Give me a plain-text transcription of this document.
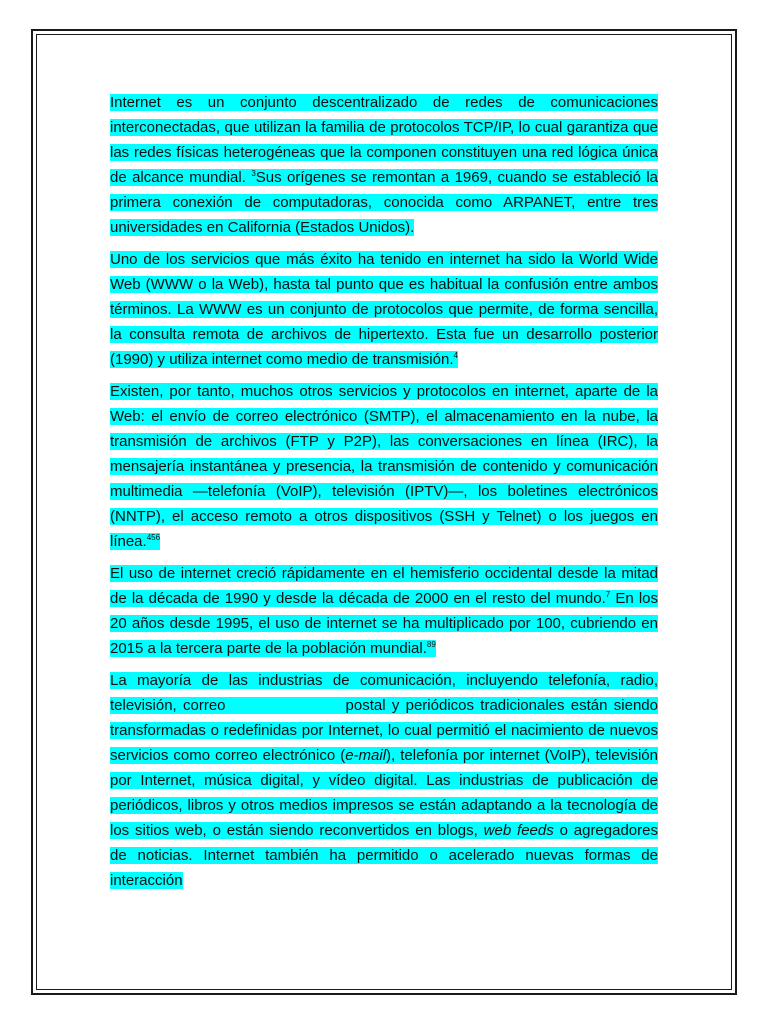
Internet es un conjunto descentralizado de redes de comunicaciones interconectadas, que utilizan la familia de protocolos TCP/IP, lo cual garantiza que las redes físicas heterogéneas que la componen constituyen una red lógica única de alcance mundial. $^3$Sus orígenes se remontan a 1969, cuando se estableció la primera conexión de computadoras, conocida como ARPANET, entre tres universidades en California (Estados Unidos).

Uno de los servicios que más éxito ha tenido en internet ha sido la World Wide Web (WWW o la Web), hasta tal punto que es habitual la confusión entre ambos términos. La WWW es un conjunto de protocolos que permite, de forma sencilla, la consulta remota de archivos de hipertexto. Esta fue un desarrollo posterior (1990) y utiliza internet como medio de transmisión.$^4$

Existen, por tanto, muchos otros servicios y protocolos en internet, aparte de la Web: el envío de correo electrónico (SMTP), el almacenamiento en la nube, la transmisión de archivos (FTP y P2P), las conversaciones en línea (IRC), la mensajería instantánea y presencia, la transmisión de contenido y comunicación multimedia —telefonía (VoIP), televisión (IPTV)—, los boletines electrónicos (NNTP), el acceso remoto a otros dispositivos (SSH y Telnet) o los juegos en línea.$^{456}$

El uso de internet creció rápidamente en el hemisferio occidental desde la mitad de la década de 1990 y desde la década de 2000 en el resto del mundo.$^7$ En los 20 años desde 1995, el uso de internet se ha multiplicado por 100, cubriendo en 2015 a la tercera parte de la población mundial.$^{89}$

La mayoría de las industrias de comunicación, incluyendo telefonía, radio, televisión, correo	postal y periódicos tradicionales están siendo transformadas o redefinidas por Internet, lo cual permitió el nacimiento de nuevos servicios como correo electrónico (e-mail), telefonía por internet (VoIP), televisión por Internet, música digital, y vídeo digital. Las industrias de publicación de periódicos, libros y otros medios impresos se están adaptando a la tecnología de los sitios web, o están siendo reconvertidos en blogs, web feeds o agregadores de noticias. Internet también ha permitido o acelerado nuevas formas de interacción
